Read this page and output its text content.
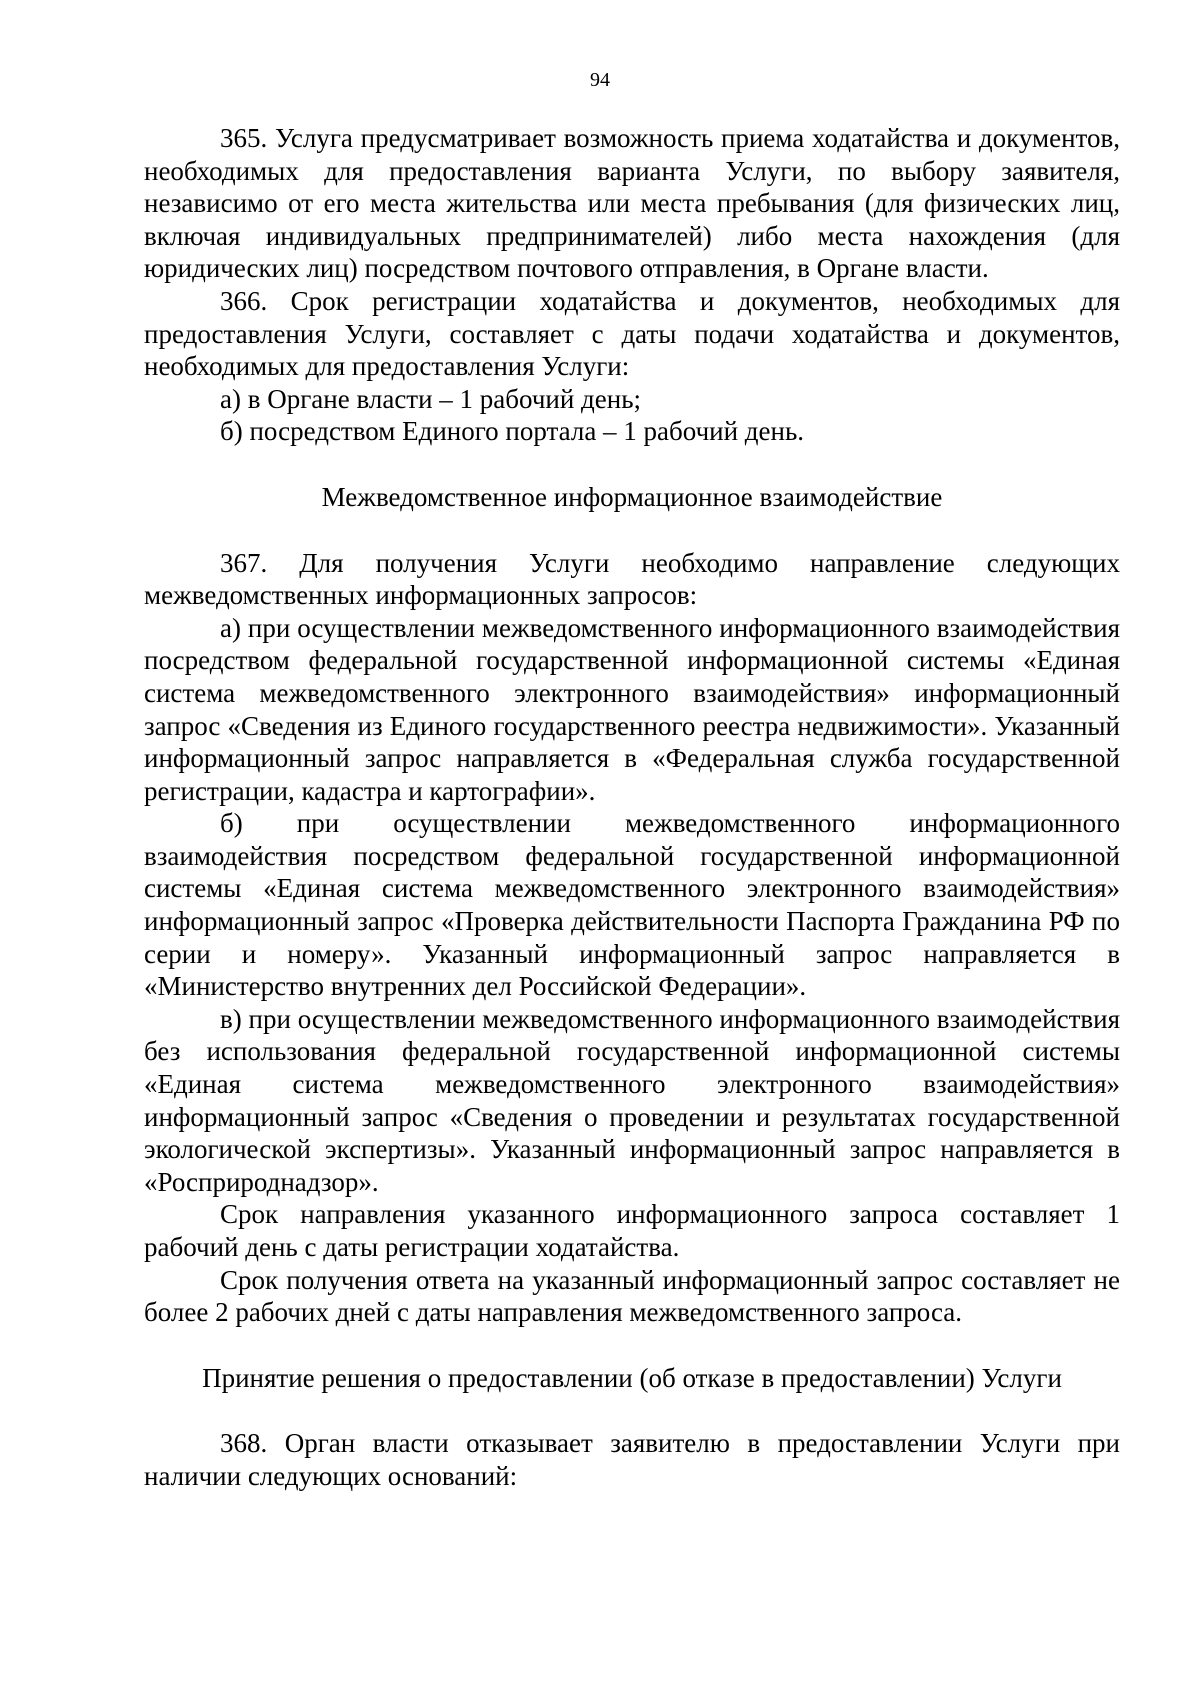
94

365. Услуга предусматривает возможность приема ходатайства и документов, необходимых для предоставления варианта Услуги, по выбору заявителя, независимо от его места жительства или места пребывания (для физических лиц, включая индивидуальных предпринимателей) либо места нахождения (для юридических лиц) посредством почтового отправления, в Органе власти.

366. Срок регистрации ходатайства и документов, необходимых для предоставления Услуги, составляет с даты подачи ходатайства и документов, необходимых для предоставления Услуги:

а) в Органе власти – 1 рабочий день;

б) посредством Единого портала – 1 рабочий день.

Межведомственное информационное взаимодействие

367. Для получения Услуги необходимо направление следующих межведомственных информационных запросов:

а) при осуществлении межведомственного информационного взаимодействия посредством федеральной государственной информационной системы «Единая система межведомственного электронного взаимодействия» информационный запрос «Сведения из Единого государственного реестра недвижимости». Указанный информационный запрос направляется в «Федеральная служба государственной регистрации, кадастра и картографии».

б) при осуществлении межведомственного информационного взаимодействия посредством федеральной государственной информационной системы «Единая система межведомственного электронного взаимодействия» информационный запрос «Проверка действительности Паспорта Гражданина РФ по серии и номеру». Указанный информационный запрос направляется в «Министерство внутренних дел Российской Федерации».

в) при осуществлении межведомственного информационного взаимодействия без использования федеральной государственной информационной системы «Единая система межведомственного электронного взаимодействия» информационный запрос «Сведения о проведении и результатах государственной экологической экспертизы». Указанный информационный запрос направляется в «Росприроднадзор».

Срок направления указанного информационного запроса составляет 1 рабочий день с даты регистрации ходатайства.

Срок получения ответа на указанный информационный запрос составляет не более 2 рабочих дней с даты направления межведомственного запроса.

Принятие решения о предоставлении (об отказе в предоставлении) Услуги

368. Орган власти отказывает заявителю в предоставлении Услуги при наличии следующих оснований:
